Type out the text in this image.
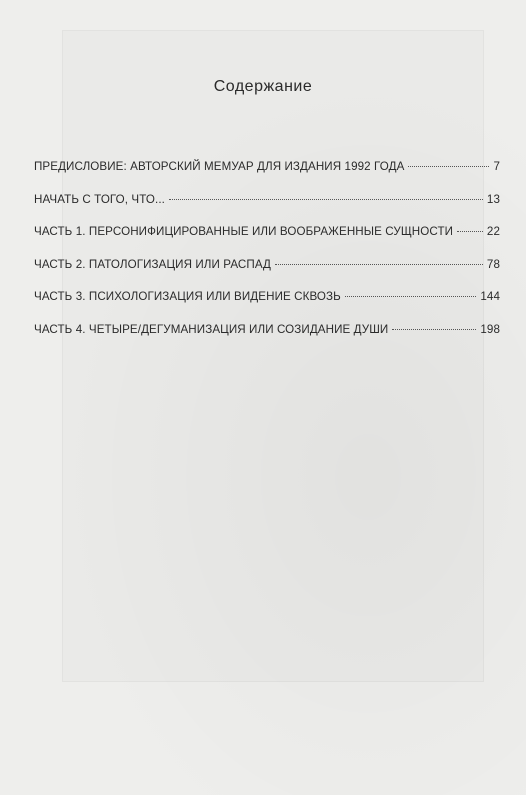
Содержание
ПРЕДИСЛОВИЕ: АВТОРСКИЙ МЕМУАР ДЛЯ ИЗДАНИЯ 1992 ГОДА	7
НАЧАТЬ С ТОГО, ЧТО...	13
ЧАСТЬ 1. ПЕРСОНИФИЦИРОВАННЫЕ ИЛИ ВООБРАЖЕННЫЕ СУЩНОСТИ	22
ЧАСТЬ 2. ПАТОЛОГИЗАЦИЯ ИЛИ РАСПАД	78
ЧАСТЬ 3. ПСИХОЛОГИЗАЦИЯ ИЛИ ВИДЕНИЕ СКВОЗЬ	144
ЧАСТЬ 4. ЧЕТЫРЕ/ДЕГУМАНИЗАЦИЯ ИЛИ СОЗИДАНИЕ ДУШИ	198
